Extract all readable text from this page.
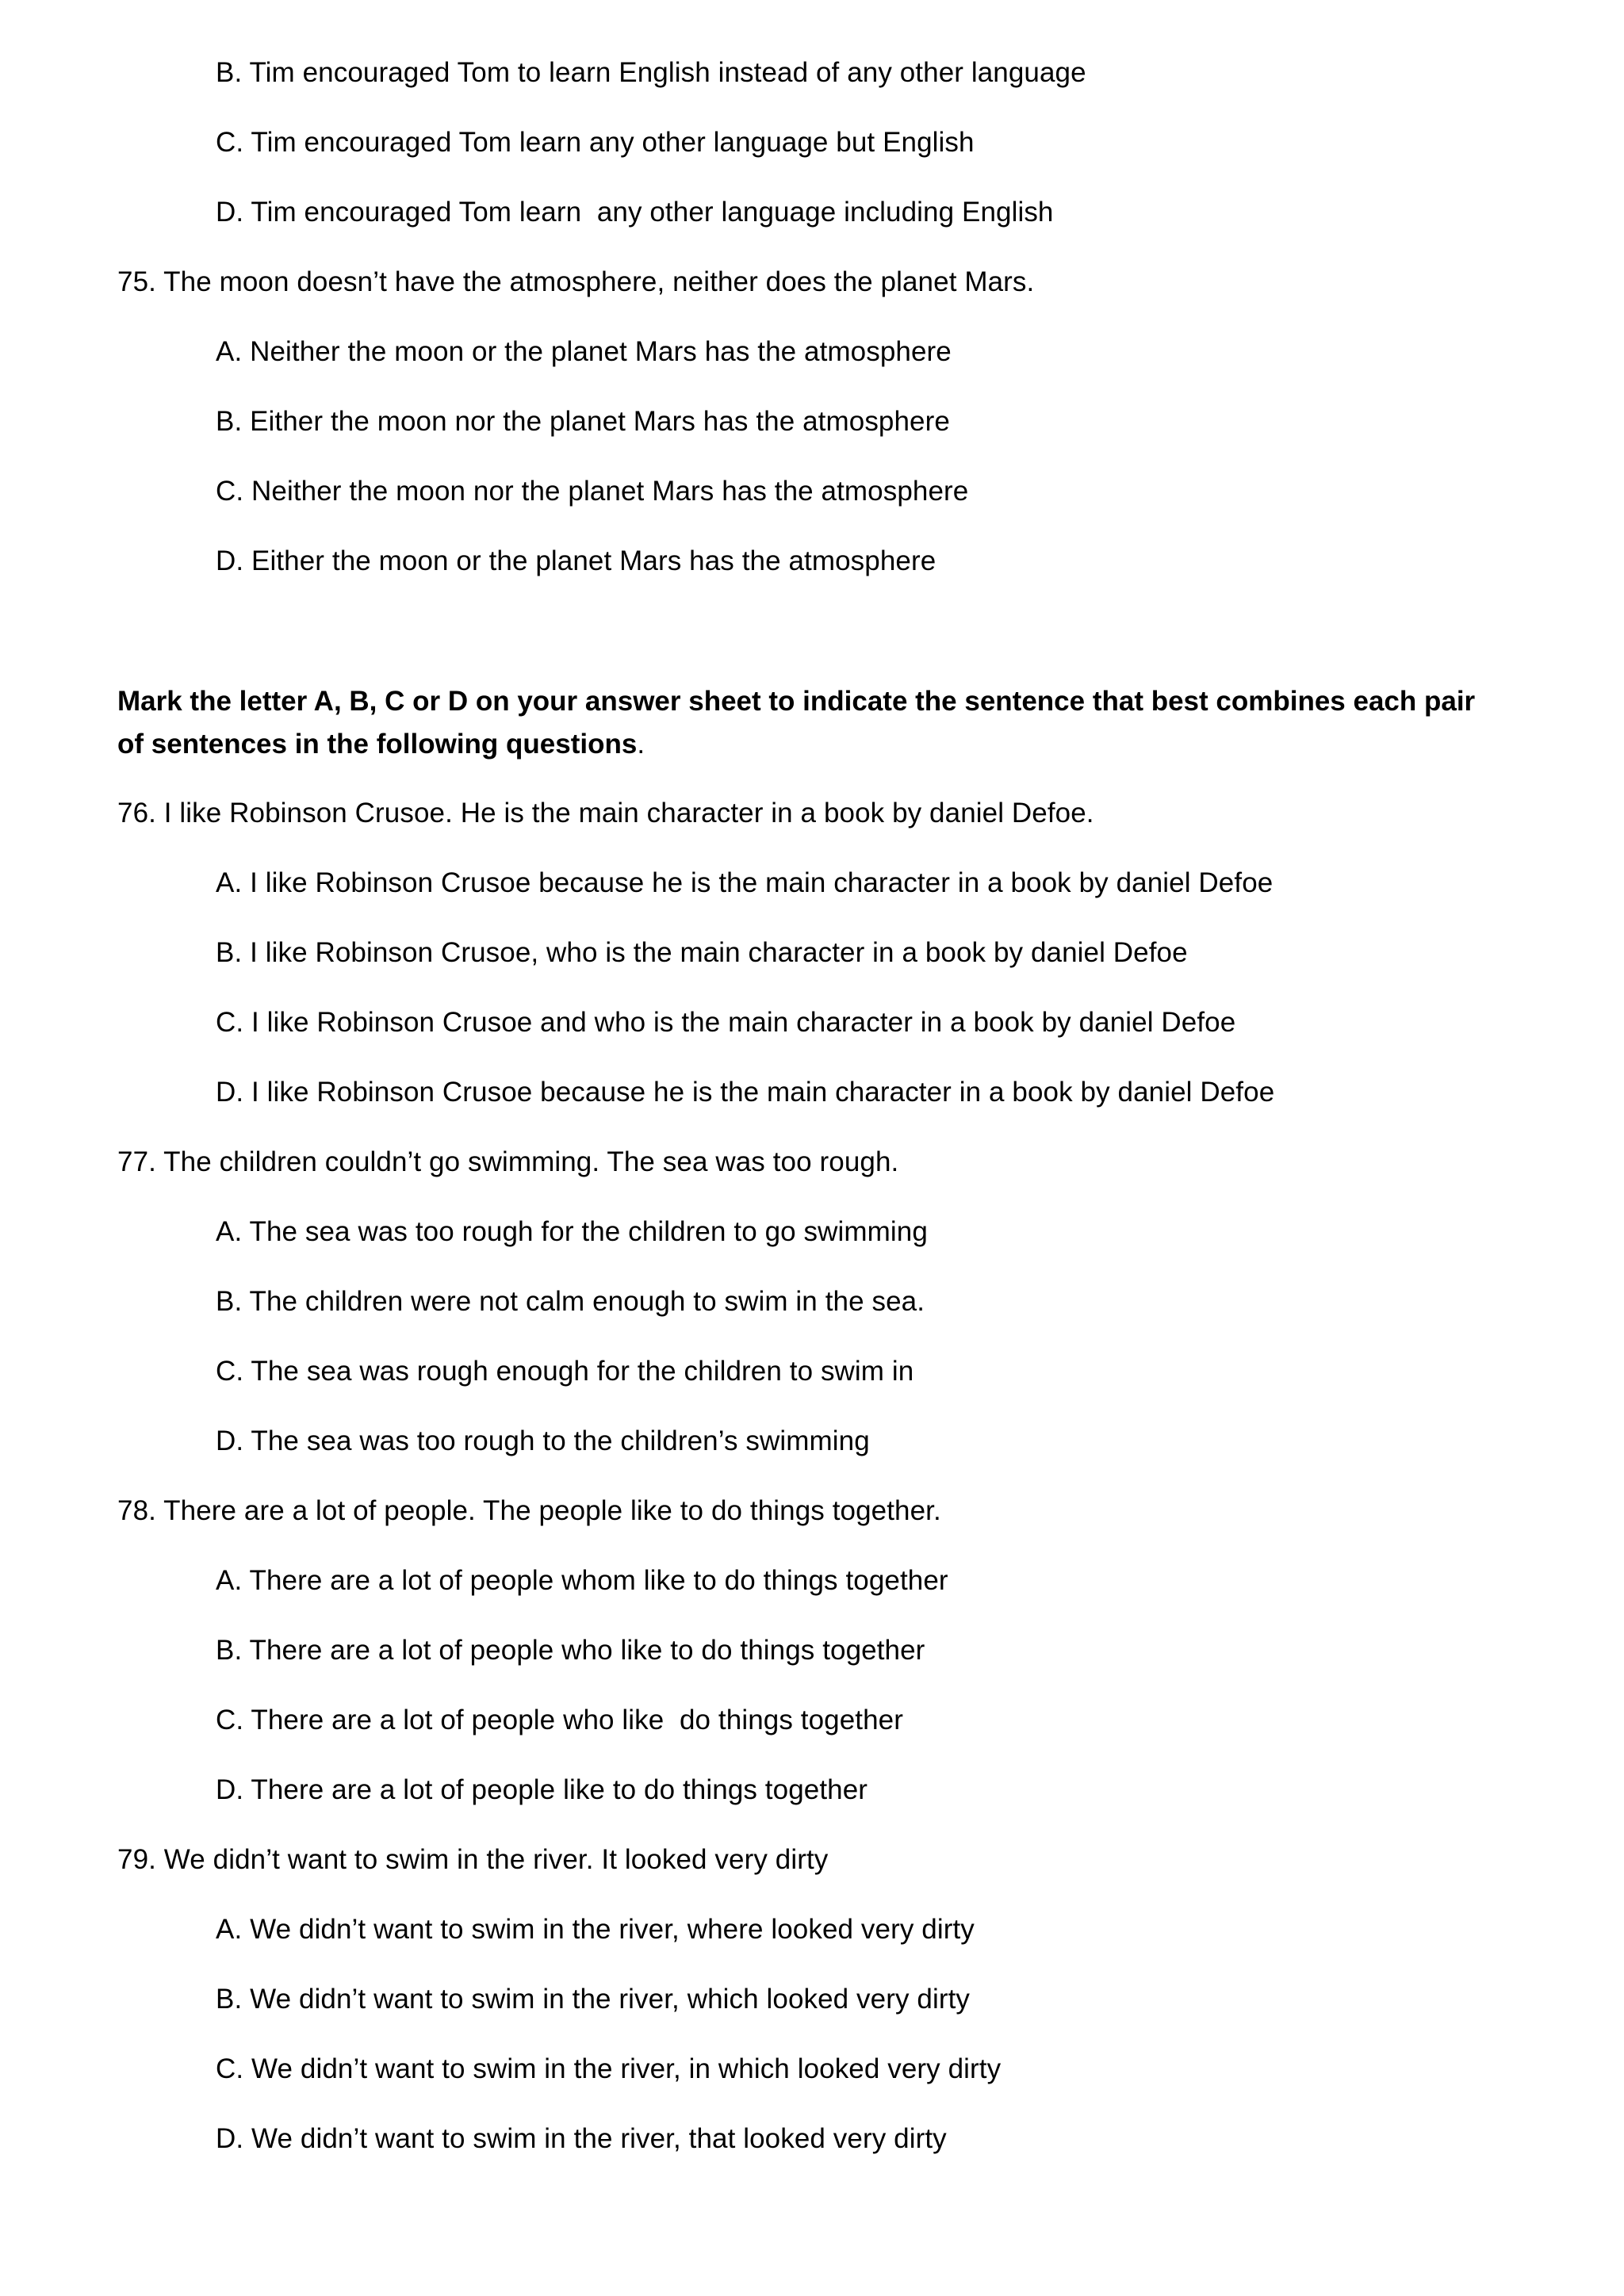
B. Tim encouraged Tom to learn English instead of any other language
C. Tim encouraged Tom learn any other language but English
D. Tim encouraged Tom learn  any other language including English
75. The moon doesn’t have the atmosphere, neither does the planet Mars.
A. Neither the moon or the planet Mars has the atmosphere
B. Either the moon nor the planet Mars has the atmosphere
C. Neither the moon nor the planet Mars has the atmosphere
D. Either the moon or the planet Mars has the atmosphere
Mark the letter A, B, C or D on your answer sheet to indicate the sentence that best combines each pair of sentences in the following questions.
76. I like Robinson Crusoe. He is the main character in a book by daniel Defoe.
A. I like Robinson Crusoe because he is the main character in a book by daniel Defoe
B. I like Robinson Crusoe, who is the main character in a book by daniel Defoe
C. I like Robinson Crusoe and who is the main character in a book by daniel Defoe
D. I like Robinson Crusoe because he is the main character in a book by daniel Defoe
77. The children couldn’t go swimming. The sea was too rough.
A. The sea was too rough for the children to go swimming
B. The children were not calm enough to swim in the sea.
C. The sea was rough enough for the children to swim in
D. The sea was too rough to the children’s swimming
78. There are a lot of people. The people like to do things together.
A. There are a lot of people whom like to do things together
B. There are a lot of people who like to do things together
C. There are a lot of people who like  do things together
D. There are a lot of people like to do things together
79. We didn’t want to swim in the river. It looked very dirty
A. We didn’t want to swim in the river, where looked very dirty
B. We didn’t want to swim in the river, which looked very dirty
C. We didn’t want to swim in the river, in which looked very dirty
D. We didn’t want to swim in the river, that looked very dirty
